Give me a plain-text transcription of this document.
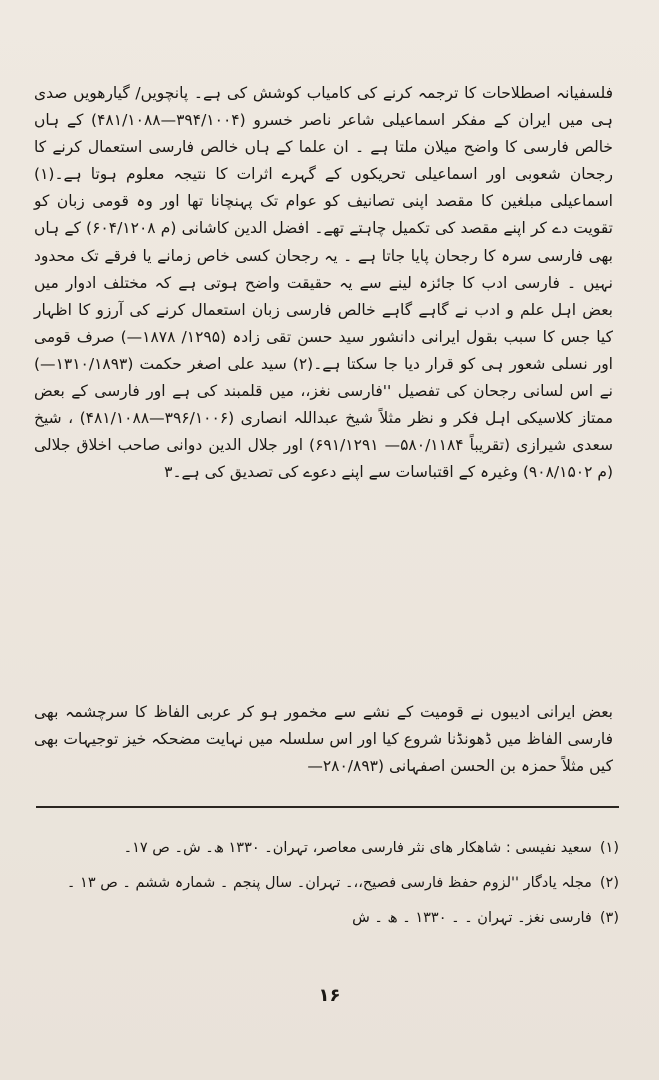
فلسفیانہ اصطلاحات کا ترجمہ کرنے کی کامیاب کوشش کی ہے۔ پانچویں/ گیارھویں صدی ہی میں ایران کے مفکر اسماعیلی شاعر ناصر خسرو (۳۹۴/۱۰۰۴—۴۸۱/۱۰۸۸) کے ہاں خالص فارسی کا واضح میلان ملتا ہے ۔ ان علما کے ہاں خالص فارسی استعمال کرنے کا رجحان شعوبی اور اسماعیلی تحریکوں کے گہرے اثرات کا نتیجہ معلوم ہوتا ہے۔(۱) اسماعیلی مبلغین کا مقصد اپنی تصانیف کو عوام تک پہنچانا تھا اور وہ قومی زبان کو تقویت دے کر اپنے مقصد کی تکمیل چاہتے تھے۔ افضل الدین کاشانی (م ۶۰۴/۱۲۰۸) کے ہاں بھی فارسی سرہ کا رجحان پایا جاتا ہے ۔ یہ رجحان کسی خاص زمانے یا فرقے تک محدود نہیں ۔ فارسی ادب کا جائزہ لینے سے یہ حقیقت واضح ہوتی ہے کہ مختلف ادوار میں بعض اہل علم و ادب نے گاہے گاہے خالص فارسی زبان استعمال کرنے کی آرزو کا اظہار کیا جس کا سبب بقول ایرانی دانشور سید حسن تقی زادہ (۱۲۹۵/ ۱۸۷۸—) صرف قومی اور نسلی شعور ہی کو قرار دیا جا سکتا ہے۔(۲) سید علی اصغر حکمت (۱۳۱۰/۱۸۹۳—) نے اس لسانی رجحان کی تفصیل ''فارسی نغز،، میں قلمبند کی ہے اور فارسی کے بعض ممتاز کلاسیکی اہل فکر و نظر مثلاً شیخ عبداللہ انصاری (۳۹۶/۱۰۰۶—۴۸۱/۱۰۸۸) ، شیخ سعدی شیرازی (تقریباً ۵۸۰/۱۱۸۴— ۶۹۱/۱۲۹۱) اور جلال الدین دوانی صاحب اخلاق جلالی (م ۹۰۸/۱۵۰۲) وغیرہ کے اقتباسات سے اپنے دعوے کی تصدیق کی ہے۔۳

بعض ایرانی ادیبوں نے قومیت کے نشے سے مخمور ہو کر عربی الفاظ کا سرچشمہ بھی فارسی الفاظ میں ڈھونڈنا شروع کیا اور اس سلسلہ میں نہایت مضحکہ خیز توجیہات بھی کیں مثلاً حمزہ بن الحسن اصفہانی (۲۸۰/۸۹۳—

(۱)سعید نفیسی : شاھکار ھای نثر فارسی معاصر، تہران۔ ۱۳۳۰ ھ۔ ش۔ ص ۱۷۔
(۲)مجلہ یادگار ''لزوم حفظ فارسی فصیح،،۔ تہران۔ سال پنجم ۔ شمارہ ششم ۔ ص ۱۳ ۔
(۳)فارسی نغز۔ تہران ۔ ۔ ۱۳۳۰ ۔ ھ ۔ ش
۱۶
